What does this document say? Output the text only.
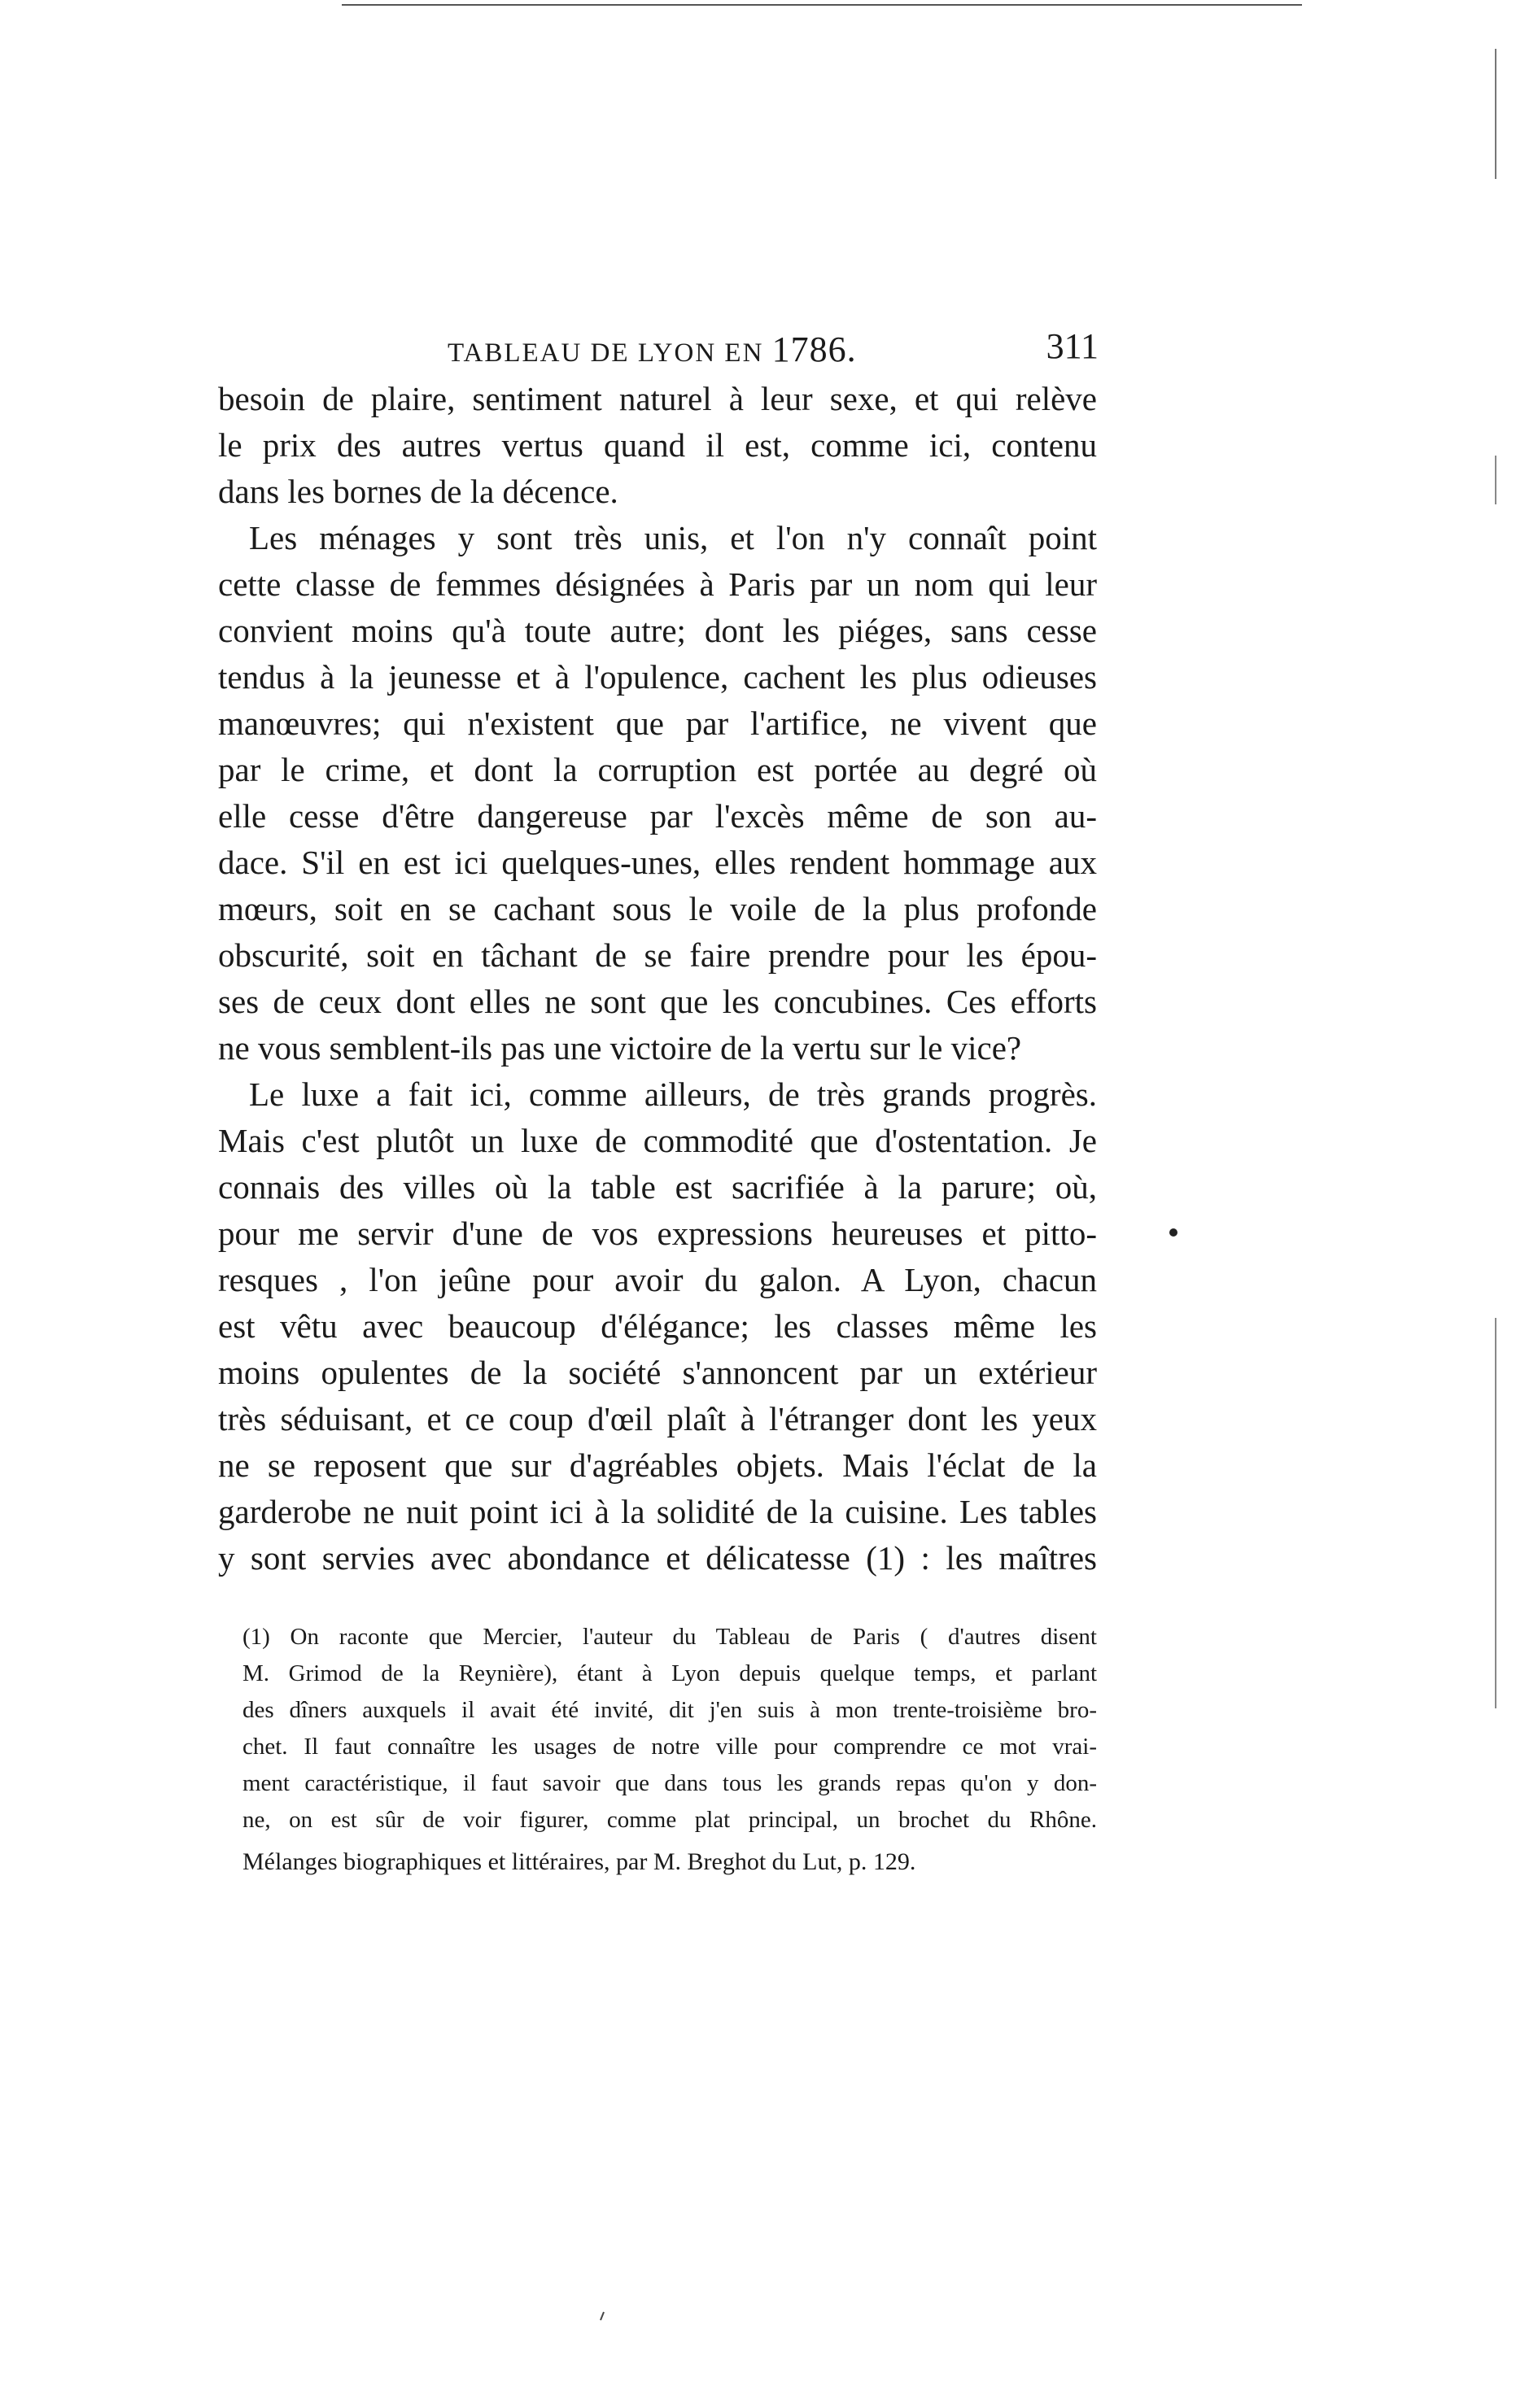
TABLEAU DE LYON EN 1786.	311
besoin de plaire, sentiment naturel à leur sexe, et qui relève
le prix des autres vertus quand il est, comme ici, contenu
dans les bornes de la décence.
Les ménages y sont très unis, et l'on n'y connaît point
cette classe de femmes désignées à Paris par un nom qui leur
convient moins qu'à toute autre; dont les piéges, sans cesse
tendus à la jeunesse et à l'opulence, cachent les plus odieuses
manœuvres; qui n'existent que par l'artifice, ne vivent que
par le crime, et dont la corruption est portée au degré où
elle cesse d'être dangereuse par l'excès même de son au-
dace. S'il en est ici quelques-unes, elles rendent hommage aux
mœurs, soit en se cachant sous le voile de la plus profonde
obscurité, soit en tâchant de se faire prendre pour les épou-
ses de ceux dont elles ne sont que les concubines. Ces efforts
ne vous semblent-ils pas une victoire de la vertu sur le vice?
Le luxe a fait ici, comme ailleurs, de très grands progrès.
Mais c'est plutôt un luxe de commodité que d'ostentation. Je
connais des villes où la table est sacrifiée à la parure; où,
pour me servir d'une de vos expressions heureuses et pitto-
resques , l'on jeûne pour avoir du galon. A Lyon, chacun
est vêtu avec beaucoup d'élégance; les classes même les
moins opulentes de la société s'annoncent par un extérieur
très séduisant, et ce coup d'œil plaît à l'étranger dont les yeux
ne se reposent que sur d'agréables objets. Mais l'éclat de la
garderobe ne nuit point ici à la solidité de la cuisine. Les tables
y sont servies avec abondance et délicatesse (1) : les maîtres
(1) On raconte que Mercier, l'auteur du Tableau de Paris ( d'autres disent
M. Grimod de la Reynière), étant à Lyon depuis quelque temps, et parlant
des dîners auxquels il avait été invité, dit j'en suis à mon trente-troisième bro-
chet. Il faut connaître les usages de notre ville pour comprendre ce mot vrai-
ment caractéristique, il faut savoir que dans tous les grands repas qu'on y don-
ne, on est sûr de voir figurer, comme plat principal, un brochet du Rhône.
Mélanges biographiques et littéraires, par M. Breghot du Lut, p. 129.
